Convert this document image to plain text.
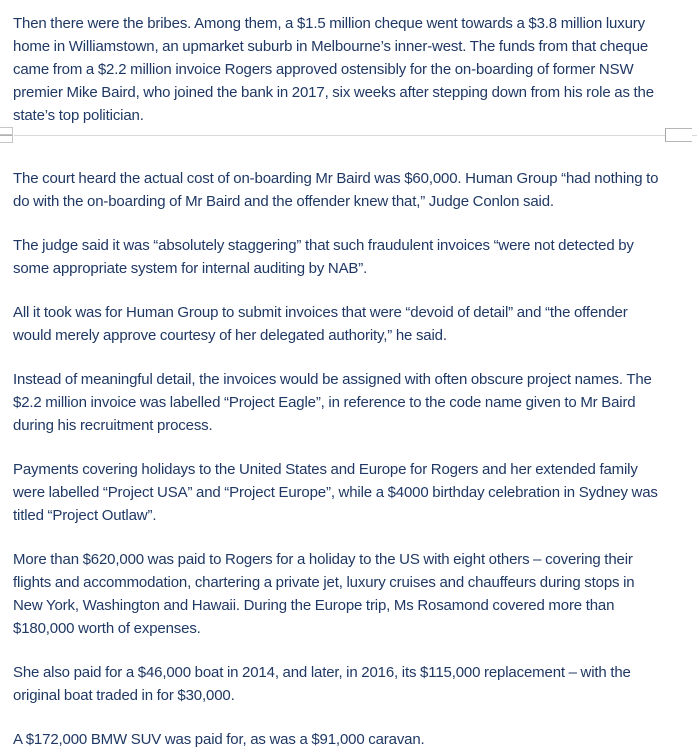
Then there were the bribes. Among them, a $1.5 million cheque went towards a $3.8 million luxury home in Williamstown, an upmarket suburb in Melbourne’s inner-west. The funds from that cheque came from a $2.2 million invoice Rogers approved ostensibly for the on-boarding of former NSW premier Mike Baird, who joined the bank in 2017, six weeks after stepping down from his role as the state’s top politician.

The court heard the actual cost of on-boarding Mr Baird was $60,000. Human Group “had nothing to do with the on-boarding of Mr Baird and the offender knew that,” Judge Conlon said.

The judge said it was “absolutely staggering” that such fraudulent invoices “were not detected by some appropriate system for internal auditing by NAB”.

All it took was for Human Group to submit invoices that were “devoid of detail” and “the offender would merely approve courtesy of her delegated authority,” he said.

Instead of meaningful detail, the invoices would be assigned with often obscure project names. The $2.2 million invoice was labelled “Project Eagle”, in reference to the code name given to Mr Baird during his recruitment process.

Payments covering holidays to the United States and Europe for Rogers and her extended family were labelled “Project USA” and “Project Europe”, while a $4000 birthday celebration in Sydney was titled “Project Outlaw”.

More than $620,000 was paid to Rogers for a holiday to the US with eight others – covering their flights and accommodation, chartering a private jet, luxury cruises and chauffeurs during stops in New York, Washington and Hawaii. During the Europe trip, Ms Rosamond covered more than $180,000 worth of expenses.

She also paid for a $46,000 boat in 2014, and later, in 2016, its $115,000 replacement – with the original boat traded in for $30,000.

A $172,000 BMW SUV was paid for, as was a $91,000 caravan.
